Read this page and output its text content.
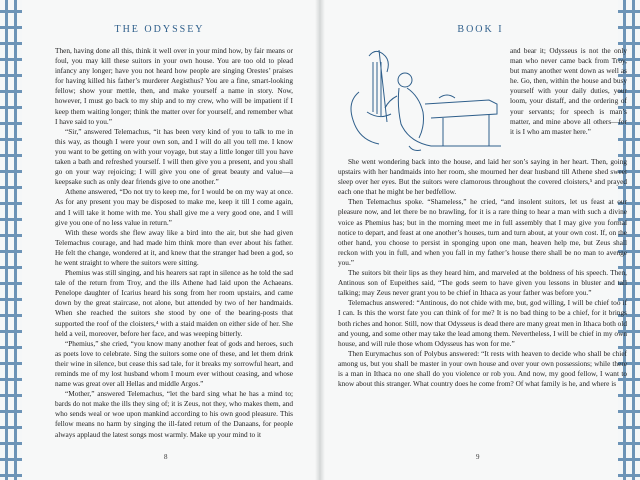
THE ODYSSEY	BOOK I

Then, having done all this, think it well over in your mind how, by fair means or foul, you may kill these suitors in your own house. You are too old to plead infancy any longer; have you not heard how people are singing Orestes’ praises for having killed his father’s murderer Aegisthus? You are a fine, smart-looking fellow; show your mettle, then, and make yourself a name in story. Now, however, I must go back to my ship and to my crew, who will be impatient if I keep them waiting longer; think the matter over for yourself, and remember what I have said to you.”

“Sir,” answered Telemachus, “it has been very kind of you to talk to me in this way, as though I were your own son, and I will do all you tell me. I know you want to be getting on with your voyage, but stay a little longer till you have taken a bath and refreshed yourself. I will then give you a present, and you shall go on your way rejoicing; I will give you one of great beauty and value—a keepsake such as only dear friends give to one another.”

Athene answered, “Do not try to keep me, for I would be on my way at once. As for any present you may be disposed to make me, keep it till I come again, and I will take it home with me. You shall give me a very good one, and I will give you one of no less value in return.”

With these words she flew away like a bird into the air, but she had given Telemachus courage, and had made him think more than ever about his father. He felt the change, wondered at it, and knew that the stranger had been a god, so he went straight to where the suitors were sitting.

Phemius was still singing, and his hearers sat rapt in silence as he told the sad tale of the return from Troy, and the ills Athene had laid upon the Achaeans. Penelope daughter of Icarius heard his song from her room upstairs, and came down by the great staircase, not alone, but attended by two of her handmaids. When she reached the suitors she stood by one of the bearing-posts that supported the roof of the cloisters,⁴ with a staid maiden on either side of her. She held a veil, moreover, before her face, and was weeping bitterly.

“Phemius,” she cried, “you know many another feat of gods and heroes, such as poets love to celebrate. Sing the suitors some one of these, and let them drink their wine in silence, but cease this sad tale, for it breaks my sorrowful heart, and reminds me of my lost husband whom I mourn ever without ceasing, and whose name was great over all Hellas and middle Argos.”

“Mother,” answered Telemachus, “let the bard sing what he has a mind to; bards do not make the ills they sing of; it is Zeus, not they, who makes them, and who sends weal or woe upon mankind according to his own good pleasure. This fellow means no harm by singing the ill-fated return of the Danaans, for people always applaud the latest songs most warmly. Make up your mind to it

and bear it; Odysseus is not the only man who never came back from Troy, but many another went down as well as he. Go, then, within the house and busy yourself with your daily duties, your loom, your distaff, and the ordering of your servants; for speech is man’s matter, and mine above all others—for it is I who am master here.”

She went wondering back into the house, and laid her son’s saying in her heart. Then, going upstairs with her handmaids into her room, she mourned her dear husband till Athene shed sweet sleep over her eyes. But the suitors were clamorous throughout the covered cloisters,⁵ and prayed each one that he might be her bedfellow.

Then Telemachus spoke. “Shameless,” he cried, “and insolent suitors, let us feast at our pleasure now, and let there be no brawling, for it is a rare thing to hear a man with such a divine voice as Phemius has; but in the morning meet me in full assembly that I may give you formal notice to depart, and feast at one another’s houses, turn and turn about, at your own cost. If, on the other hand, you choose to persist in sponging upon one man, heaven help me, but Zeus shall reckon with you in full, and when you fall in my father’s house there shall be no man to avenge you.”

The suitors bit their lips as they heard him, and marveled at the boldness of his speech. Then, Antinous son of Eupeithes said, “The gods seem to have given you lessons in bluster and tall talking; may Zeus never grant you to be chief in Ithaca as your father was before you.”

Telemachus answered: “Antinous, do not chide with me, but, god willing, I will be chief too if I can. Is this the worst fate you can think of for me? It is no bad thing to be a chief, for it brings both riches and honor. Still, now that Odysseus is dead there are many great men in Ithaca both old and young, and some other may take the lead among them. Nevertheless, I will be chief in my own house, and will rule those whom Odysseus has won for me.”

Then Eurymachus son of Polybus answered: “It rests with heaven to decide who shall be chief among us, but you shall be master in your own house and over your own possessions; while there is a man in Ithaca no one shall do you violence or rob you. And now, my good fellow, I want to know about this stranger. What country does he come from? Of what family is he, and where is

8	9
